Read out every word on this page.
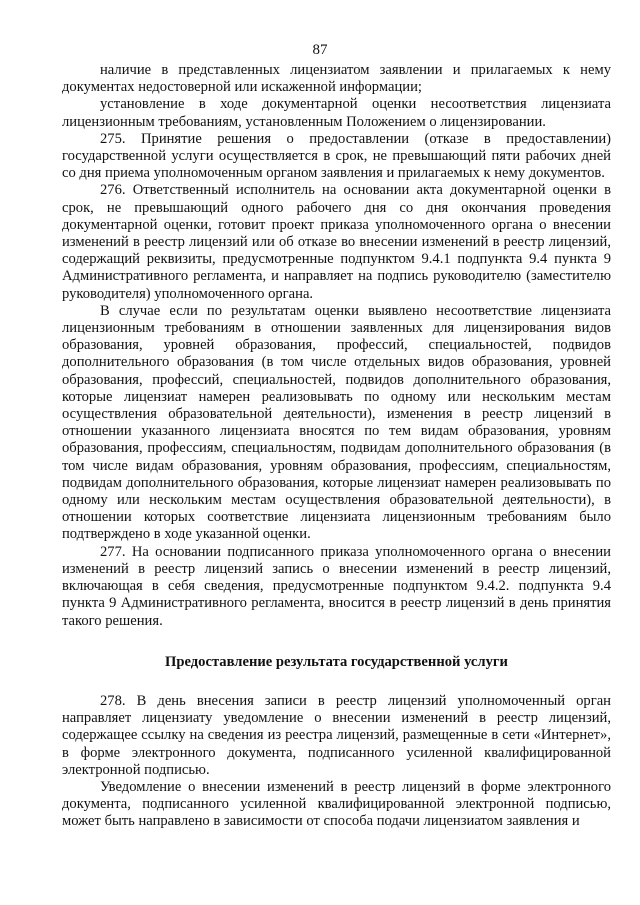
87

наличие в представленных лицензиатом заявлении и прилагаемых к нему документах недостоверной или искаженной информации;

установление в ходе документарной оценки несоответствия лицензиата лицензионным требованиям, установленным Положением о лицензировании.

275. Принятие решения о предоставлении (отказе в предоставлении) государственной услуги осуществляется в срок, не превышающий пяти рабочих дней со дня приема уполномоченным органом заявления и прилагаемых к нему документов.

276. Ответственный исполнитель на основании акта документарной оценки в срок, не превышающий одного рабочего дня со дня окончания проведения документарной оценки, готовит проект приказа уполномоченного органа о внесении изменений в реестр лицензий или об отказе во внесении изменений в реестр лицензий, содержащий реквизиты, предусмотренные подпунктом 9.4.1 подпункта 9.4 пункта 9 Административного регламента, и направляет на подпись руководителю (заместителю руководителя) уполномоченного органа.

В случае если по результатам оценки выявлено несоответствие лицензиата лицензионным требованиям в отношении заявленных для лицензирования видов образования, уровней образования, профессий, специальностей, подвидов дополнительного образования (в том числе отдельных видов образования, уровней образования, профессий, специальностей, подвидов дополнительного образования, которые лицензиат намерен реализовывать по одному или нескольким местам осуществления образовательной деятельности), изменения в реестр лицензий в отношении указанного лицензиата вносятся по тем видам образования, уровням образования, профессиям, специальностям, подвидам дополнительного образования (в том числе видам образования, уровням образования, профессиям, специальностям, подвидам дополнительного образования, которые лицензиат намерен реализовывать по одному или нескольким местам осуществления образовательной деятельности), в отношении которых соответствие лицензиата лицензионным требованиям было подтверждено в ходе указанной оценки.

277. На основании подписанного приказа уполномоченного органа о внесении изменений в реестр лицензий запись о внесении изменений в реестр лицензий, включающая в себя сведения, предусмотренные подпунктом 9.4.2. подпункта 9.4 пункта 9 Административного регламента, вносится в реестр лицензий в день принятия такого решения.

Предоставление результата государственной услуги

278. В день внесения записи в реестр лицензий уполномоченный орган направляет лицензиату уведомление о внесении изменений в реестр лицензий, содержащее ссылку на сведения из реестра лицензий, размещенные в сети «Интернет», в форме электронного документа, подписанного усиленной квалифицированной электронной подписью.

Уведомление о внесении изменений в реестр лицензий в форме электронного документа, подписанного усиленной квалифицированной электронной подписью, может быть направлено в зависимости от способа подачи лицензиатом заявления и
